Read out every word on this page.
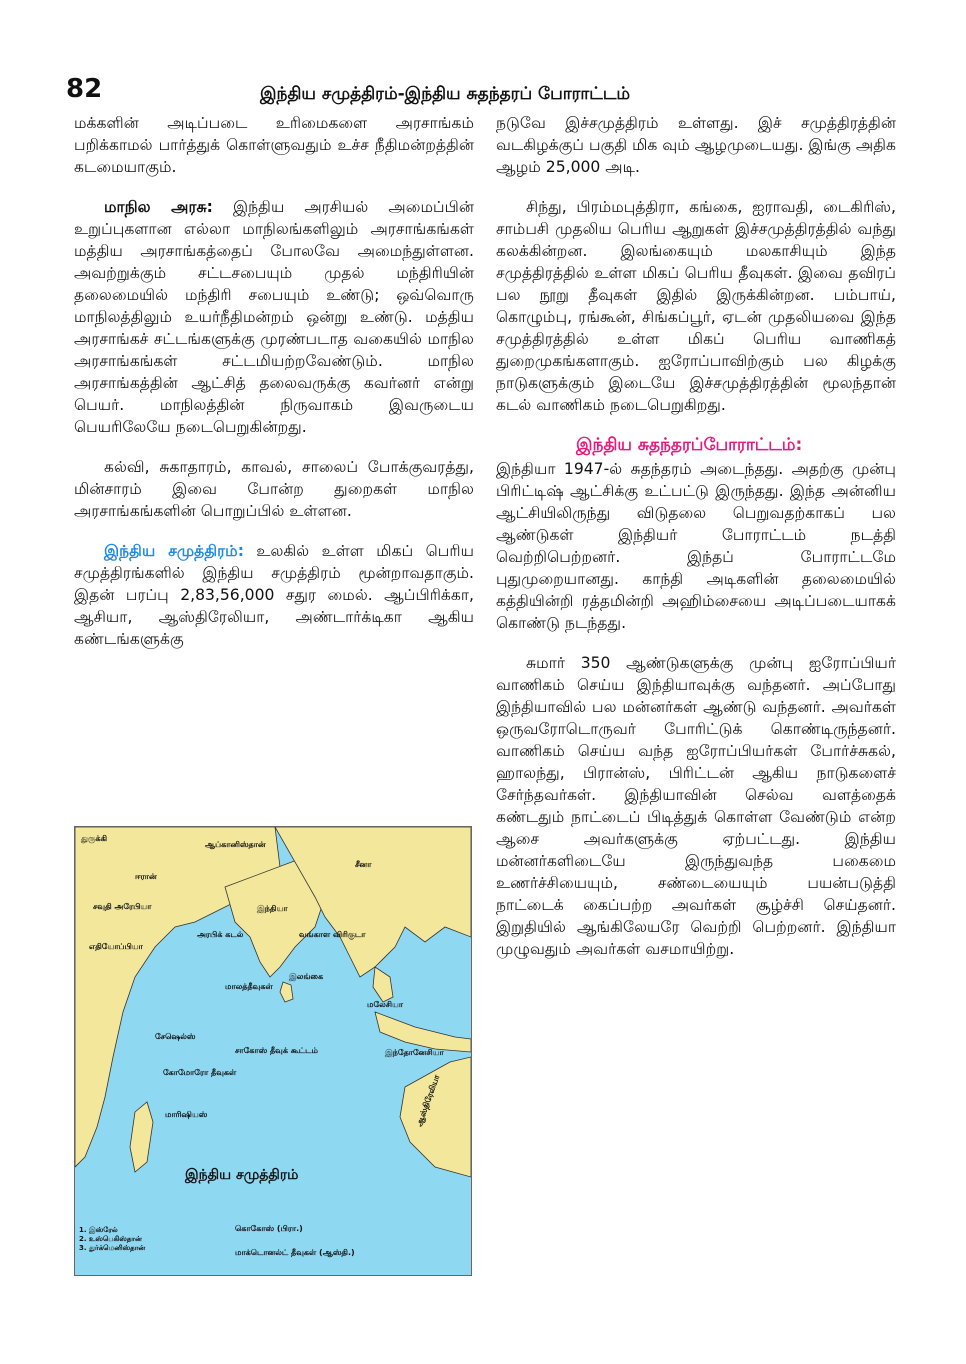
82	இந்திய சமுத்திரம்-இந்திய சுதந்தரப் போராட்டம்

மக்களின் அடிப்படை உரிமைகளை அரசாங்கம் பறிக்காமல் பார்த்துக் கொள்ளுவதும் உச்ச நீதிமன்றத்தின் கடமையாகும்.

மாநில அரசு: இந்திய அரசியல் அமைப்பின் உறுப்புகளான எல்லா மாநிலங்களிலும் அரசாங்கங்கள் மத்திய அரசாங்கத்தைப் போலவே அமைந்துள்ளன. அவற்றுக்கும் சட்டசபையும் முதல் மந்திரியின் தலைமையில் மந்திரி சபையும் உண்டு; ஒவ்வொரு மாநிலத்திலும் உயர்நீதிமன்றம் ஒன்று உண்டு. மத்திய அரசாங்கச் சட்டங்களுக்கு முரண்படாத வகையில் மாநில அரசாங்கங்கள் சட்டமியற்றவேண்டும். மாநில அரசாங்கத்தின் ஆட்சித் தலைவருக்கு கவர்னர் என்று பெயர். மாநிலத்தின் நிருவாகம் இவருடைய பெயரிலேயே நடைபெறுகின்றது.

கல்வி, சுகாதாரம், காவல், சாலைப் போக்குவரத்து, மின்சாரம் இவை போன்ற துறைகள் மாநில அரசாங்கங்களின் பொறுப்பில் உள்ளன.

இந்திய சமுத்திரம்: உலகில் உள்ள மிகப் பெரிய சமுத்திரங்களில் இந்திய சமுத்திரம் மூன்றாவதாகும். இதன் பரப்பு 2,83,56,000 சதுர மைல். ஆப்பிரிக்கா, ஆசியா, ஆஸ்திரேலியா, அண்டார்க்டிகா ஆகிய கண்டங்களுக்கு

நடுவே இச்சமுத்திரம் உள்ளது. இச் சமுத்திரத்தின் வடகிழக்குப் பகுதி மிக வும் ஆழமுடையது. இங்கு அதிக ஆழம் 25,000 அடி.

சிந்து, பிரம்மபுத்திரா, கங்கை, ஐராவதி, டைகிரிஸ், சாம்பசி முதலிய பெரிய ஆறுகள் இச்சமுத்திரத்தில் வந்து கலக்கின்றன. இலங்கையும் மலகாசியும் இந்த சமுத்திரத்தில் உள்ள மிகப் பெரிய தீவுகள். இவை தவிரப் பல நூறு தீவுகள் இதில் இருக்கின்றன. பம்பாய், கொழும்பு, ரங்கூன், சிங்கப்பூர், ஏடன் முதலியவை இந்த சமுத்திரத்தில் உள்ள மிகப் பெரிய வாணிகத் துறைமுகங்களாகும். ஐரோப்பாவிற்கும் பல கிழக்கு நாடுகளுக்கும் இடையே இச்சமுத்திரத்தின் மூலந்தான் கடல் வாணிகம் நடைபெறுகிறது.

இந்திய சுதந்தரப்போராட்டம்:

இந்தியா 1947-ல் சுதந்தரம் அடைந்தது. அதற்கு முன்பு பிரிட்டிஷ் ஆட்சிக்கு உட்பட்டு இருந்தது. இந்த அன்னிய ஆட்சியிலிருந்து விடுதலை பெறுவதற்காகப் பல ஆண்டுகள் இந்தியர் போராட்டம் நடத்தி வெற்றிபெற்றனர். இந்தப் போராட்டமே புதுமுறையானது. காந்தி அடிகளின் தலைமையில் கத்தியின்றி ரத்தமின்றி அஹிம்சையை அடிப்படையாகக் கொண்டு நடந்தது.

சுமார் 350 ஆண்டுகளுக்கு முன்பு ஐரோப்பியர் வாணிகம் செய்ய இந்தியாவுக்கு வந்தனர். அப்போது இந்தியாவில் பல மன்னர்கள் ஆண்டு வந்தனர். அவர்கள் ஒருவரோடொருவர் போரிட்டுக் கொண்டிருந்தனர். வாணிகம் செய்ய வந்த ஐரோப்பியர்கள் போர்ச்சுகல், ஹாலந்து, பிரான்ஸ், பிரிட்டன் ஆகிய நாடுகளைச் சேர்ந்தவர்கள். இந்தியாவின் செல்வ வளத்தைக் கண்டதும் நாட்டைப் பிடித்துக் கொள்ள வேண்டும் என்ற ஆசை அவர்களுக்கு ஏற்பட்டது. இந்திய மன்னர்களிடையே இருந்துவந்த பகைமை உணர்ச்சியையும், சண்டையையும் பயன்படுத்தி நாட்டைக் கைப்பற்ற அவர்கள் சூழ்ச்சி செய்தனர். இறுதியில் ஆங்கிலேயரே வெற்றி பெற்றனர். இந்தியா முழுவதும் அவர்கள் வசமாயிற்று.

துருக்கி
ஈரான்
ஆப்கானிஸ்தான்
சீனா
சவுதி அரேபியா
எதியோப்பியா
அரபிக் கடல்
இந்தியா
வங்காள விரிகுடா
இலங்கை
மாலத்தீவுகள்
மலேசியா
இந்தோனேசியா
சேஷெல்ஸ்
சாகோஸ் தீவுக் கூட்டம்
கோமோரோ தீவுகள்
மாரிஷியஸ்	ஆஸ்திரேலியா
இந்திய சமுத்திரம்
கொகோஸ் (பிரா.)
மாக்டொனல்ட் தீவுகள் (ஆஸ்தி.)
1. இஸ்ரேல்
2. உஸ்பெகிஸ்தான்
3. துர்க்மெனிஸ்தான்
